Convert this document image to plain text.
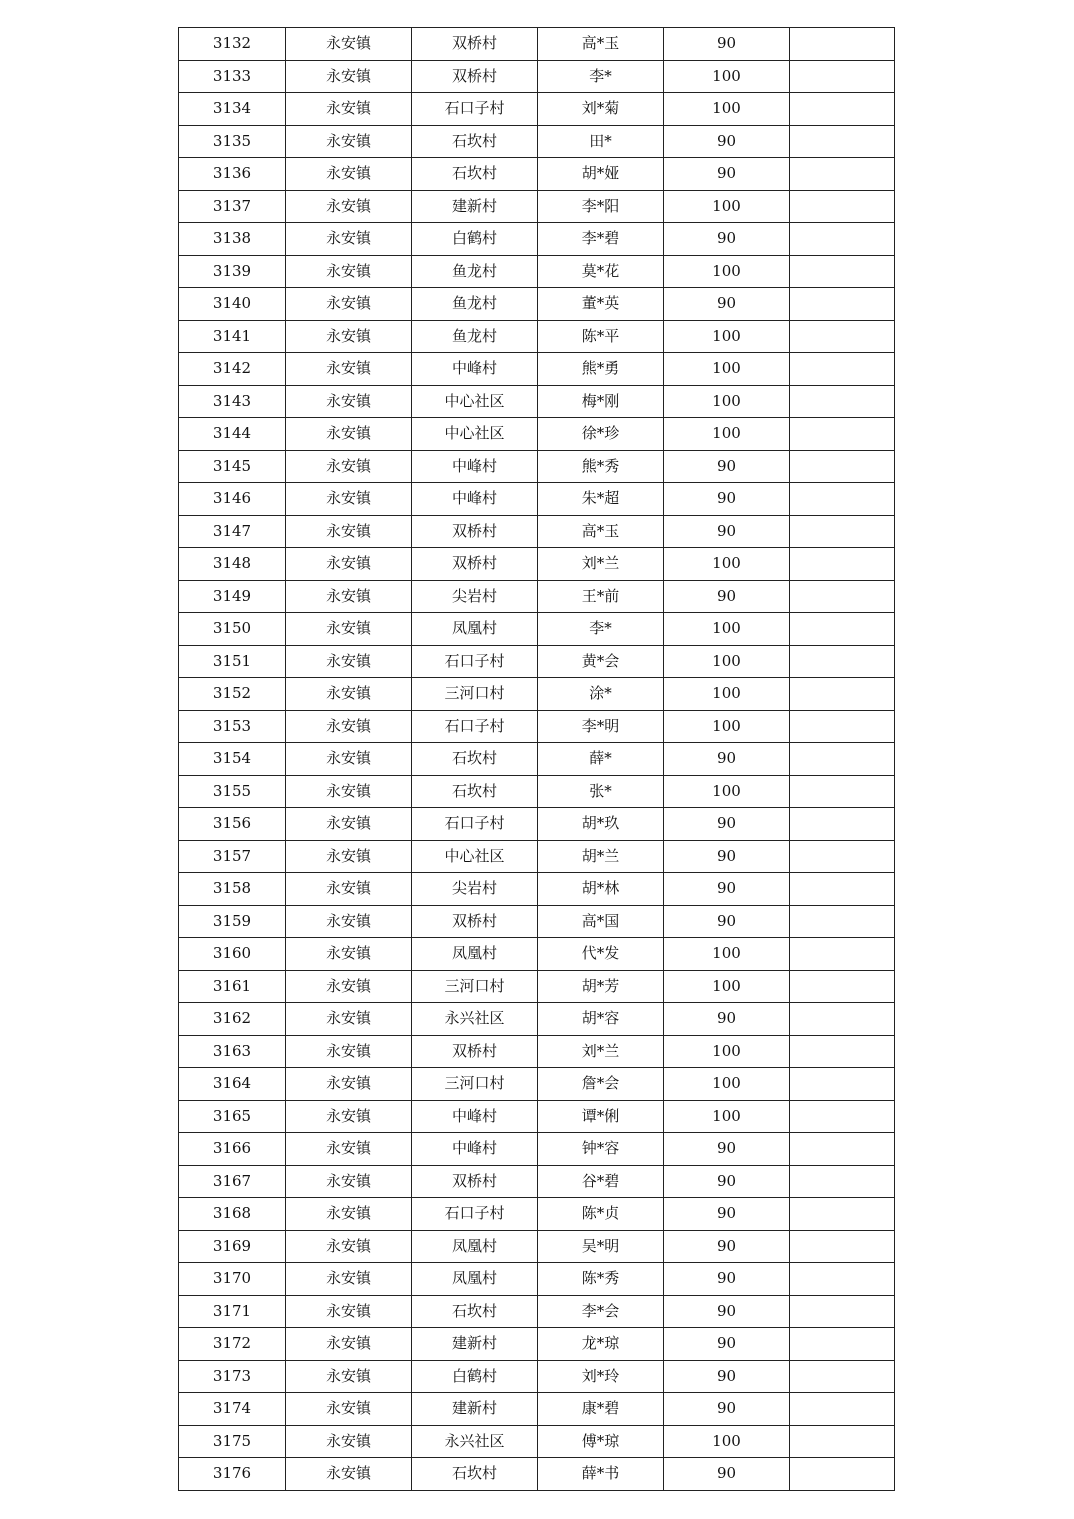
3132	永安镇	双桥村	高*玉	90	
3133	永安镇	双桥村	李*	100	
3134	永安镇	石口子村	刘*菊	100	
3135	永安镇	石坎村	田*	90	
3136	永安镇	石坎村	胡*娅	90	
3137	永安镇	建新村	李*阳	100	
3138	永安镇	白鹤村	李*碧	90	
3139	永安镇	鱼龙村	莫*花	100	
3140	永安镇	鱼龙村	董*英	90	
3141	永安镇	鱼龙村	陈*平	100	
3142	永安镇	中峰村	熊*勇	100	
3143	永安镇	中心社区	梅*刚	100	
3144	永安镇	中心社区	徐*珍	100	
3145	永安镇	中峰村	熊*秀	90	
3146	永安镇	中峰村	朱*超	90	
3147	永安镇	双桥村	高*玉	90	
3148	永安镇	双桥村	刘*兰	100	
3149	永安镇	尖岩村	王*前	90	
3150	永安镇	凤凰村	李*	100	
3151	永安镇	石口子村	黄*会	100	
3152	永安镇	三河口村	涂*	100	
3153	永安镇	石口子村	李*明	100	
3154	永安镇	石坎村	薛*	90	
3155	永安镇	石坎村	张*	100	
3156	永安镇	石口子村	胡*玖	90	
3157	永安镇	中心社区	胡*兰	90	
3158	永安镇	尖岩村	胡*林	90	
3159	永安镇	双桥村	高*国	90	
3160	永安镇	凤凰村	代*发	100	
3161	永安镇	三河口村	胡*芳	100	
3162	永安镇	永兴社区	胡*容	90	
3163	永安镇	双桥村	刘*兰	100	
3164	永安镇	三河口村	詹*会	100	
3165	永安镇	中峰村	谭*俐	100	
3166	永安镇	中峰村	钟*容	90	
3167	永安镇	双桥村	谷*碧	90	
3168	永安镇	石口子村	陈*贞	90	
3169	永安镇	凤凰村	吴*明	90	
3170	永安镇	凤凰村	陈*秀	90	
3171	永安镇	石坎村	李*会	90	
3172	永安镇	建新村	龙*琼	90	
3173	永安镇	白鹤村	刘*玲	90	
3174	永安镇	建新村	康*碧	90	
3175	永安镇	永兴社区	傅*琼	100	
3176	永安镇	石坎村	薛*书	90	
